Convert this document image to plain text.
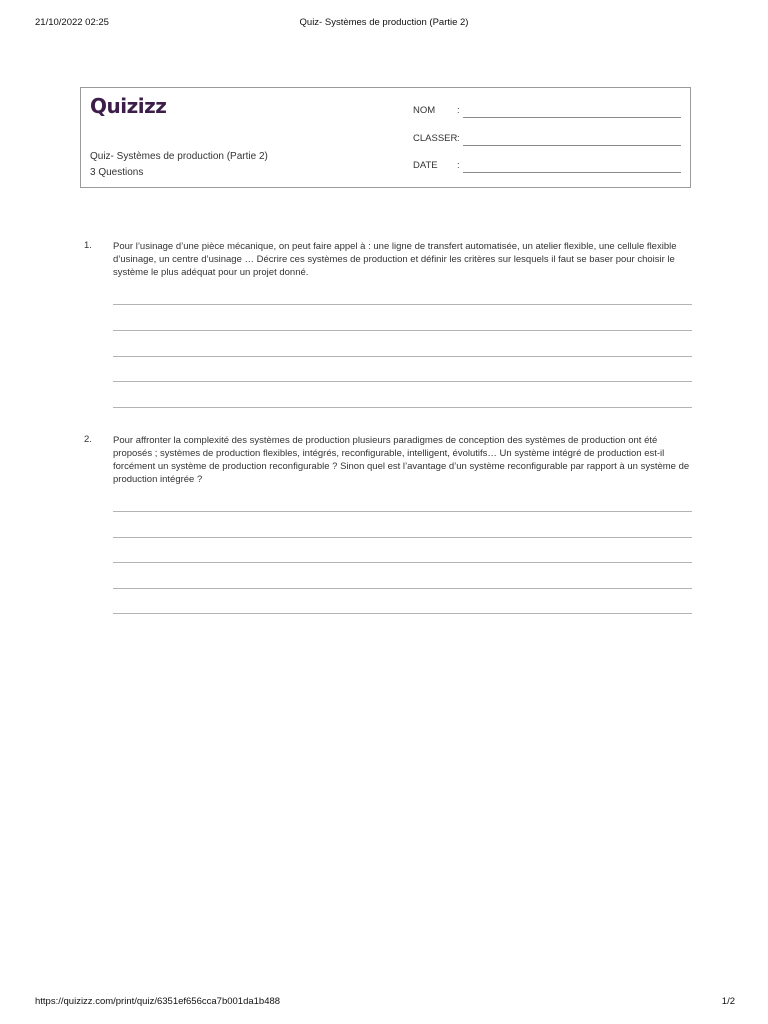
21/10/2022 02:25	Quiz- Systèmes de production (Partie 2)
Quizizz
Quiz- Systèmes de production (Partie 2)
3 Questions
NOM :
CLASSER :
DATE :
1. Pour l’usinage d’une pièce mécanique, on peut faire appel à : une ligne de transfert automatisée, un atelier flexible, une cellule flexible d’usinage, un centre d’usinage … Décrire ces systèmes de production et définir les critères sur lesquels il faut se baser pour choisir le système le plus adéquat pour un projet donné.
2. Pour affronter la complexité des systèmes de production plusieurs paradigmes de conception des systèmes de production ont été proposés ; systèmes de production flexibles, intégrés, reconfigurable, intelligent, évolutifs… Un système intégré de production est-il forcément un système de production reconfigurable ? Sinon quel est l’avantage d’un système reconfigurable par rapport à un système de production intégrée ?
https://quizizz.com/print/quiz/6351ef656cca7b001da1b488	1/2
